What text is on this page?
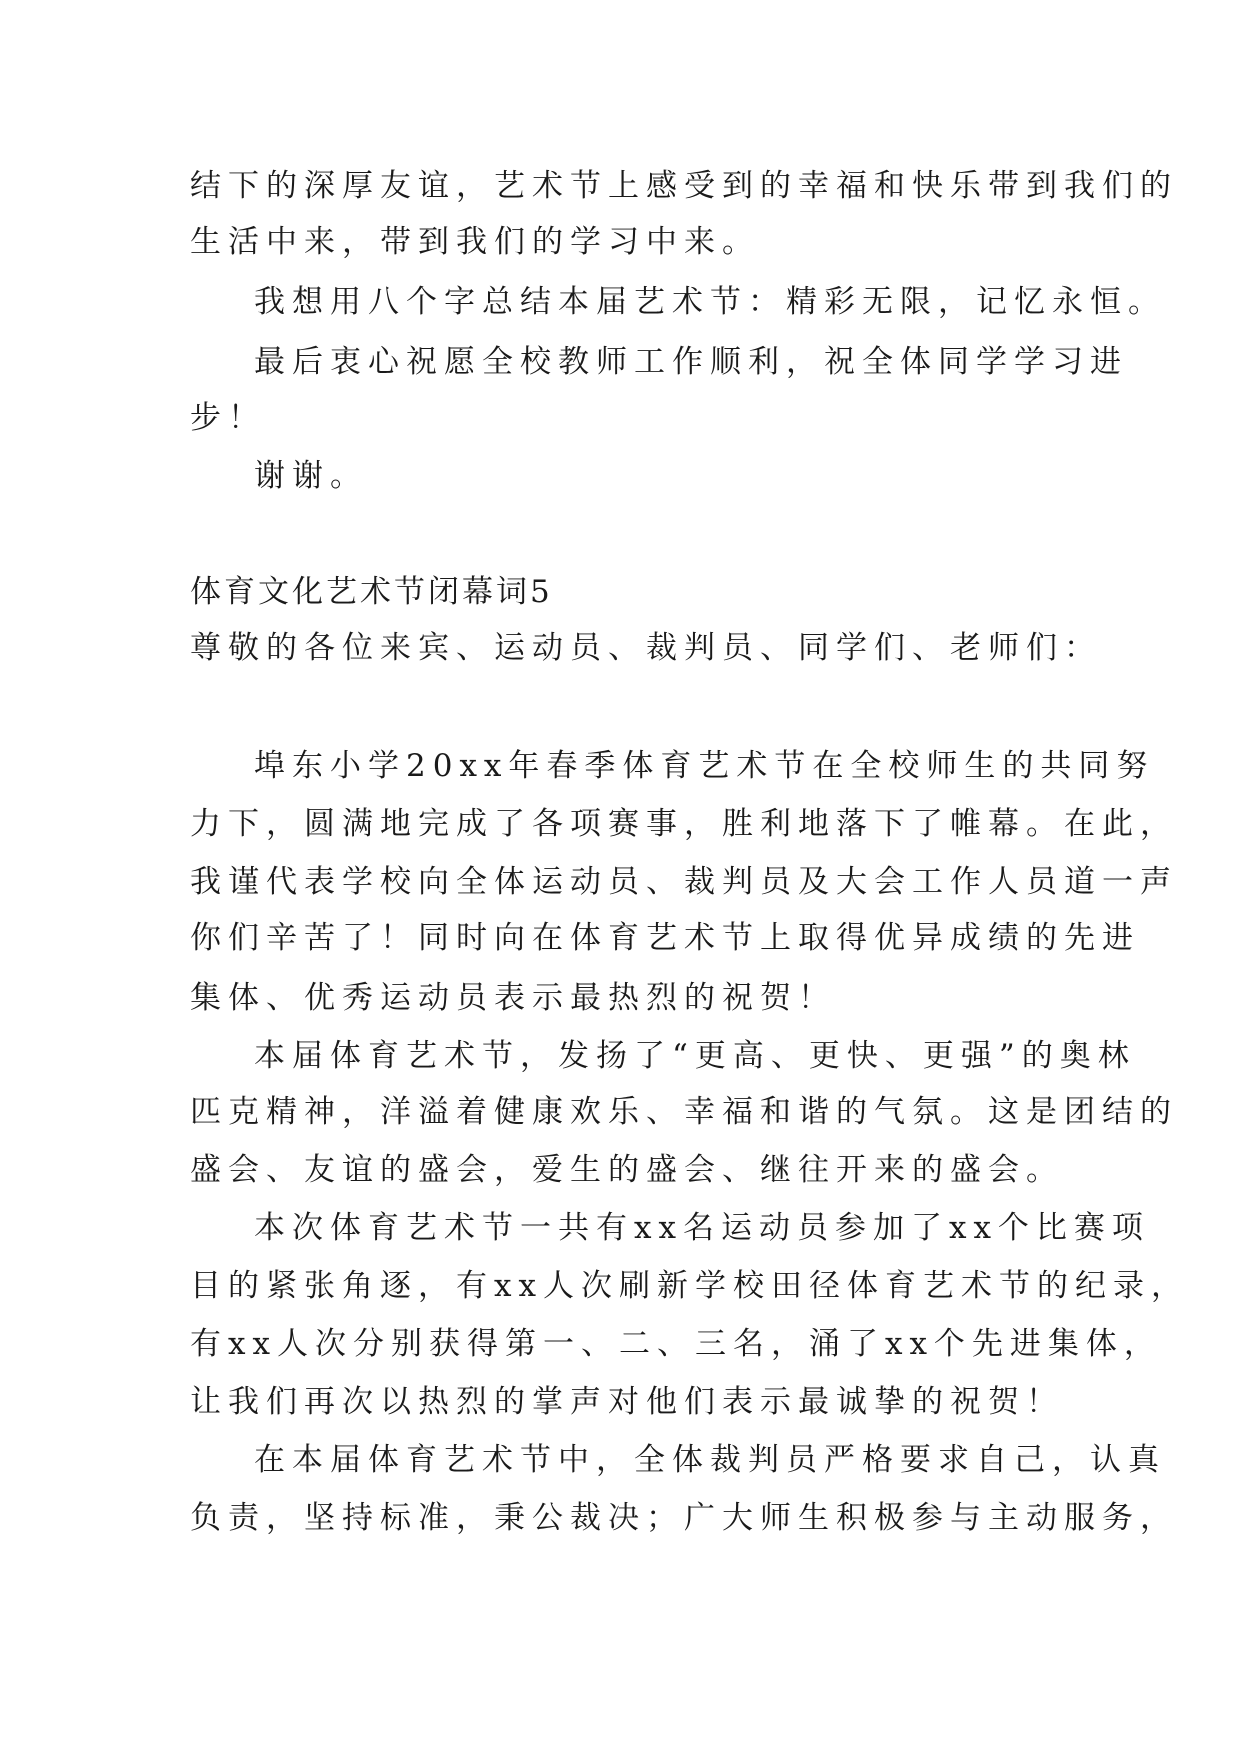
结下的深厚友谊，艺术节上感受到的幸福和快乐带到我们的
生活中来，带到我们的学习中来。
我想用八个字总结本届艺术节：精彩无限，记忆永恒。
最后衷心祝愿全校教师工作顺利，祝全体同学学习进
步！
谢谢。
体育文化艺术节闭幕词5
尊敬的各位来宾、运动员、裁判员、同学们、老师们：
埠东小学20xx年春季体育艺术节在全校师生的共同努
力下，圆满地完成了各项赛事，胜利地落下了帷幕。在此，
我谨代表学校向全体运动员、裁判员及大会工作人员道一声
你们辛苦了！同时向在体育艺术节上取得优异成绩的先进
集体、优秀运动员表示最热烈的祝贺！
本届体育艺术节，发扬了“更高、更快、更强”的奥林
匹克精神，洋溢着健康欢乐、幸福和谐的气氛。这是团结的
盛会、友谊的盛会，爱生的盛会、继往开来的盛会。
本次体育艺术节一共有xx名运动员参加了xx个比赛项
目的紧张角逐，有xx人次刷新学校田径体育艺术节的纪录，
有xx人次分别获得第一、二、三名，涌了xx个先进集体，
让我们再次以热烈的掌声对他们表示最诚挚的祝贺！
在本届体育艺术节中，全体裁判员严格要求自己，认真
负责，坚持标准，秉公裁决；广大师生积极参与主动服务，
